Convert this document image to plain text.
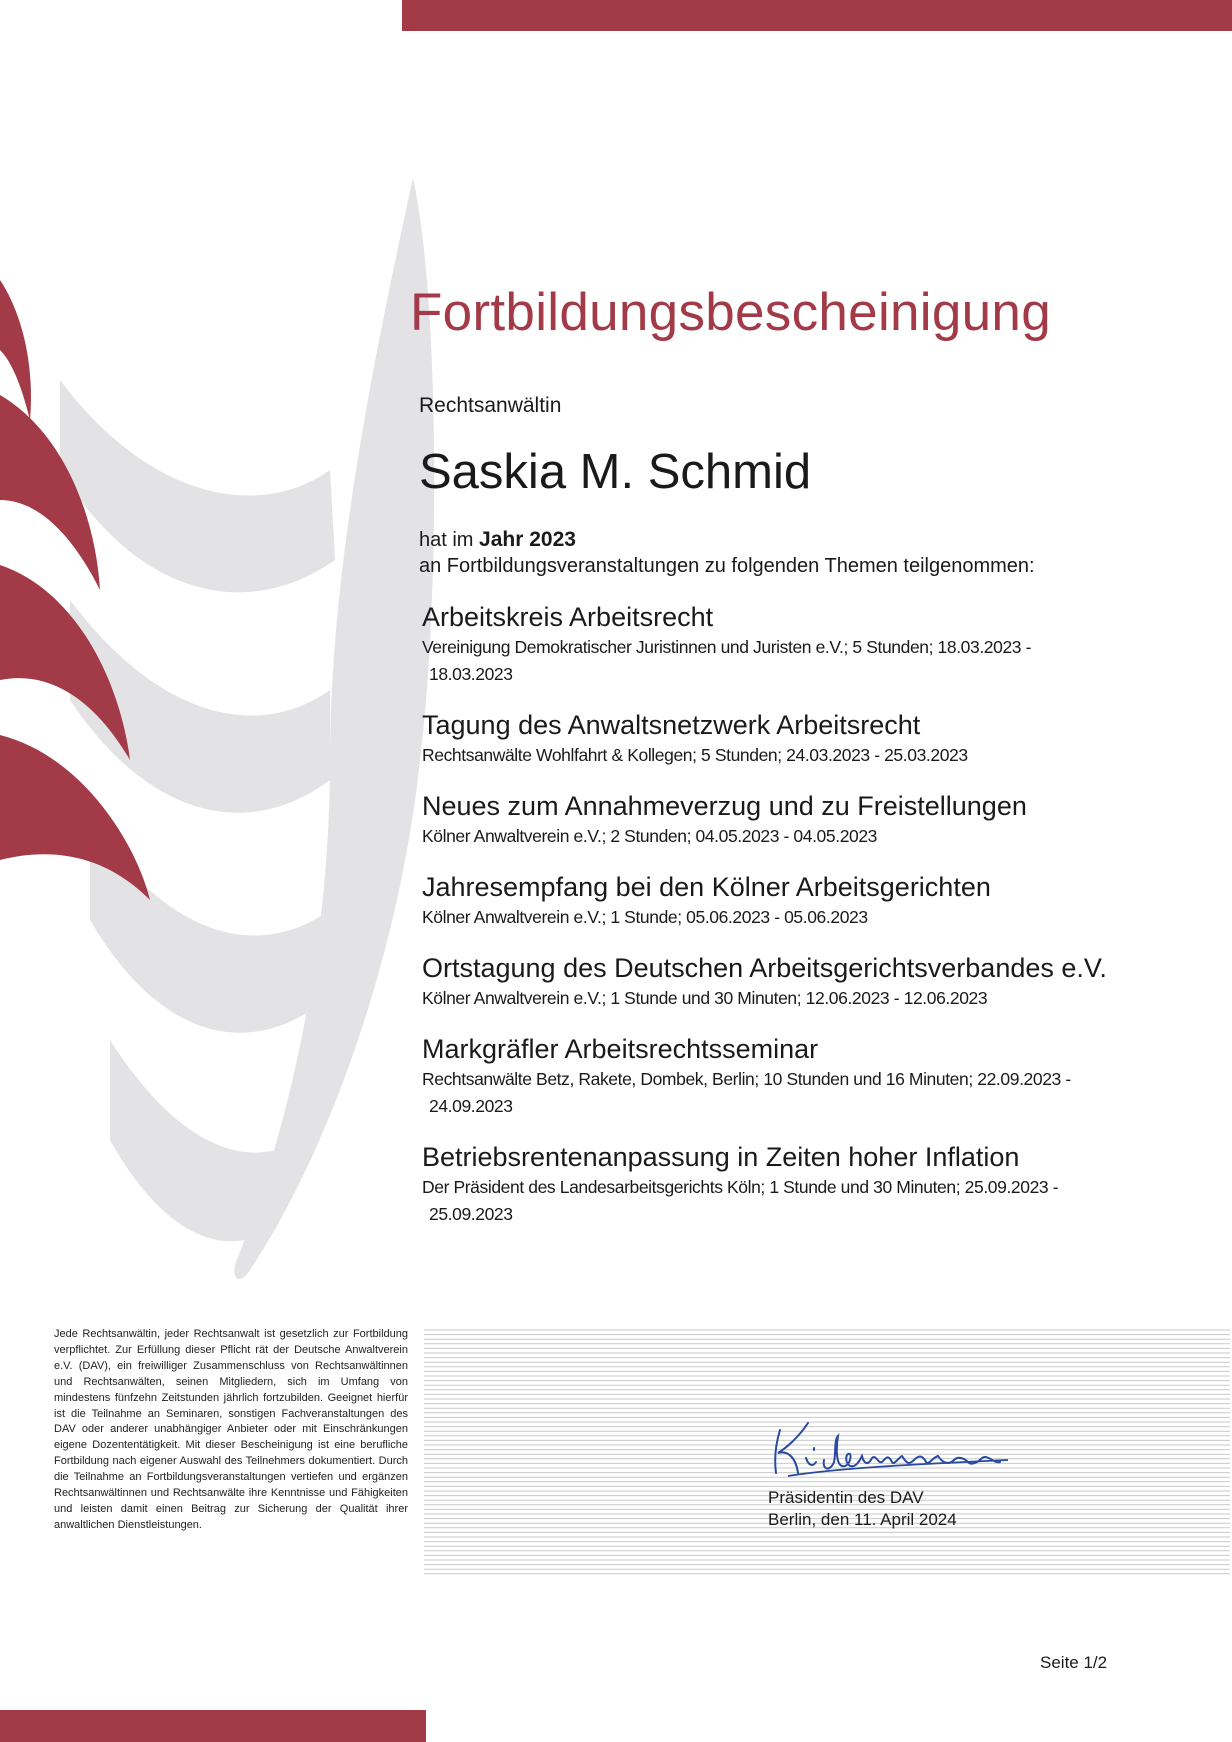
Fortbildungsbescheinigung
Rechtsanwältin
Saskia M. Schmid
hat im Jahr 2023
an Fortbildungsveranstaltungen zu folgenden Themen teilgenommen:
Arbeitskreis Arbeitsrecht
Vereinigung Demokratischer Juristinnen und Juristen e.V.; 5 Stunden; 18.03.2023 -
18.03.2023
Tagung des Anwaltsnetzwerk Arbeitsrecht
Rechtsanwälte Wohlfahrt & Kollegen; 5 Stunden; 24.03.2023 - 25.03.2023
Neues zum Annahmeverzug und zu Freistellungen
Kölner Anwaltverein e.V.; 2 Stunden; 04.05.2023 - 04.05.2023
Jahresempfang bei den Kölner Arbeitsgerichten
Kölner Anwaltverein e.V.; 1 Stunde; 05.06.2023 - 05.06.2023
Ortstagung des Deutschen Arbeitsgerichtsverbandes e.V.
Kölner Anwaltverein e.V.; 1 Stunde und 30 Minuten; 12.06.2023 - 12.06.2023
Markgräfler Arbeitsrechtsseminar
Rechtsanwälte Betz, Rakete, Dombek, Berlin; 10 Stunden und 16 Minuten; 22.09.2023 -
24.09.2023
Betriebsrentenanpassung in Zeiten hoher Inflation
Der Präsident des Landesarbeitsgerichts Köln; 1 Stunde und 30 Minuten; 25.09.2023 -
25.09.2023
Jede Rechtsanwältin, jeder Rechtsanwalt ist gesetzlich zur Fortbildung verpflichtet. Zur Erfüllung dieser Pflicht rät der Deutsche Anwaltverein e.V. (DAV), ein freiwilliger Zusammenschluss von Rechtsanwältinnen und Rechtsanwälten, seinen Mitgliedern, sich im Umfang von mindestens fünfzehn Zeitstunden jährlich fortzubilden. Geeignet hierfür ist die Teilnahme an Seminaren, sonstigen Fachveranstaltungen des DAV oder anderer unabhängiger Anbieter oder mit Einschränkungen eigene Dozententätigkeit. Mit dieser Bescheinigung ist eine berufliche Fortbildung nach eigener Auswahl des Teilnehmers dokumentiert. Durch die Teilnahme an Fortbildungsveranstaltungen vertiefen und ergänzen Rechtsanwältinnen und Rechtsanwälte ihre Kenntnisse und Fähigkeiten und leisten damit einen Beitrag zur Sicherung der Qualität ihrer anwaltlichen Dienstleistungen.
Präsidentin des DAV
Berlin, den 11. April 2024
Seite 1/2
